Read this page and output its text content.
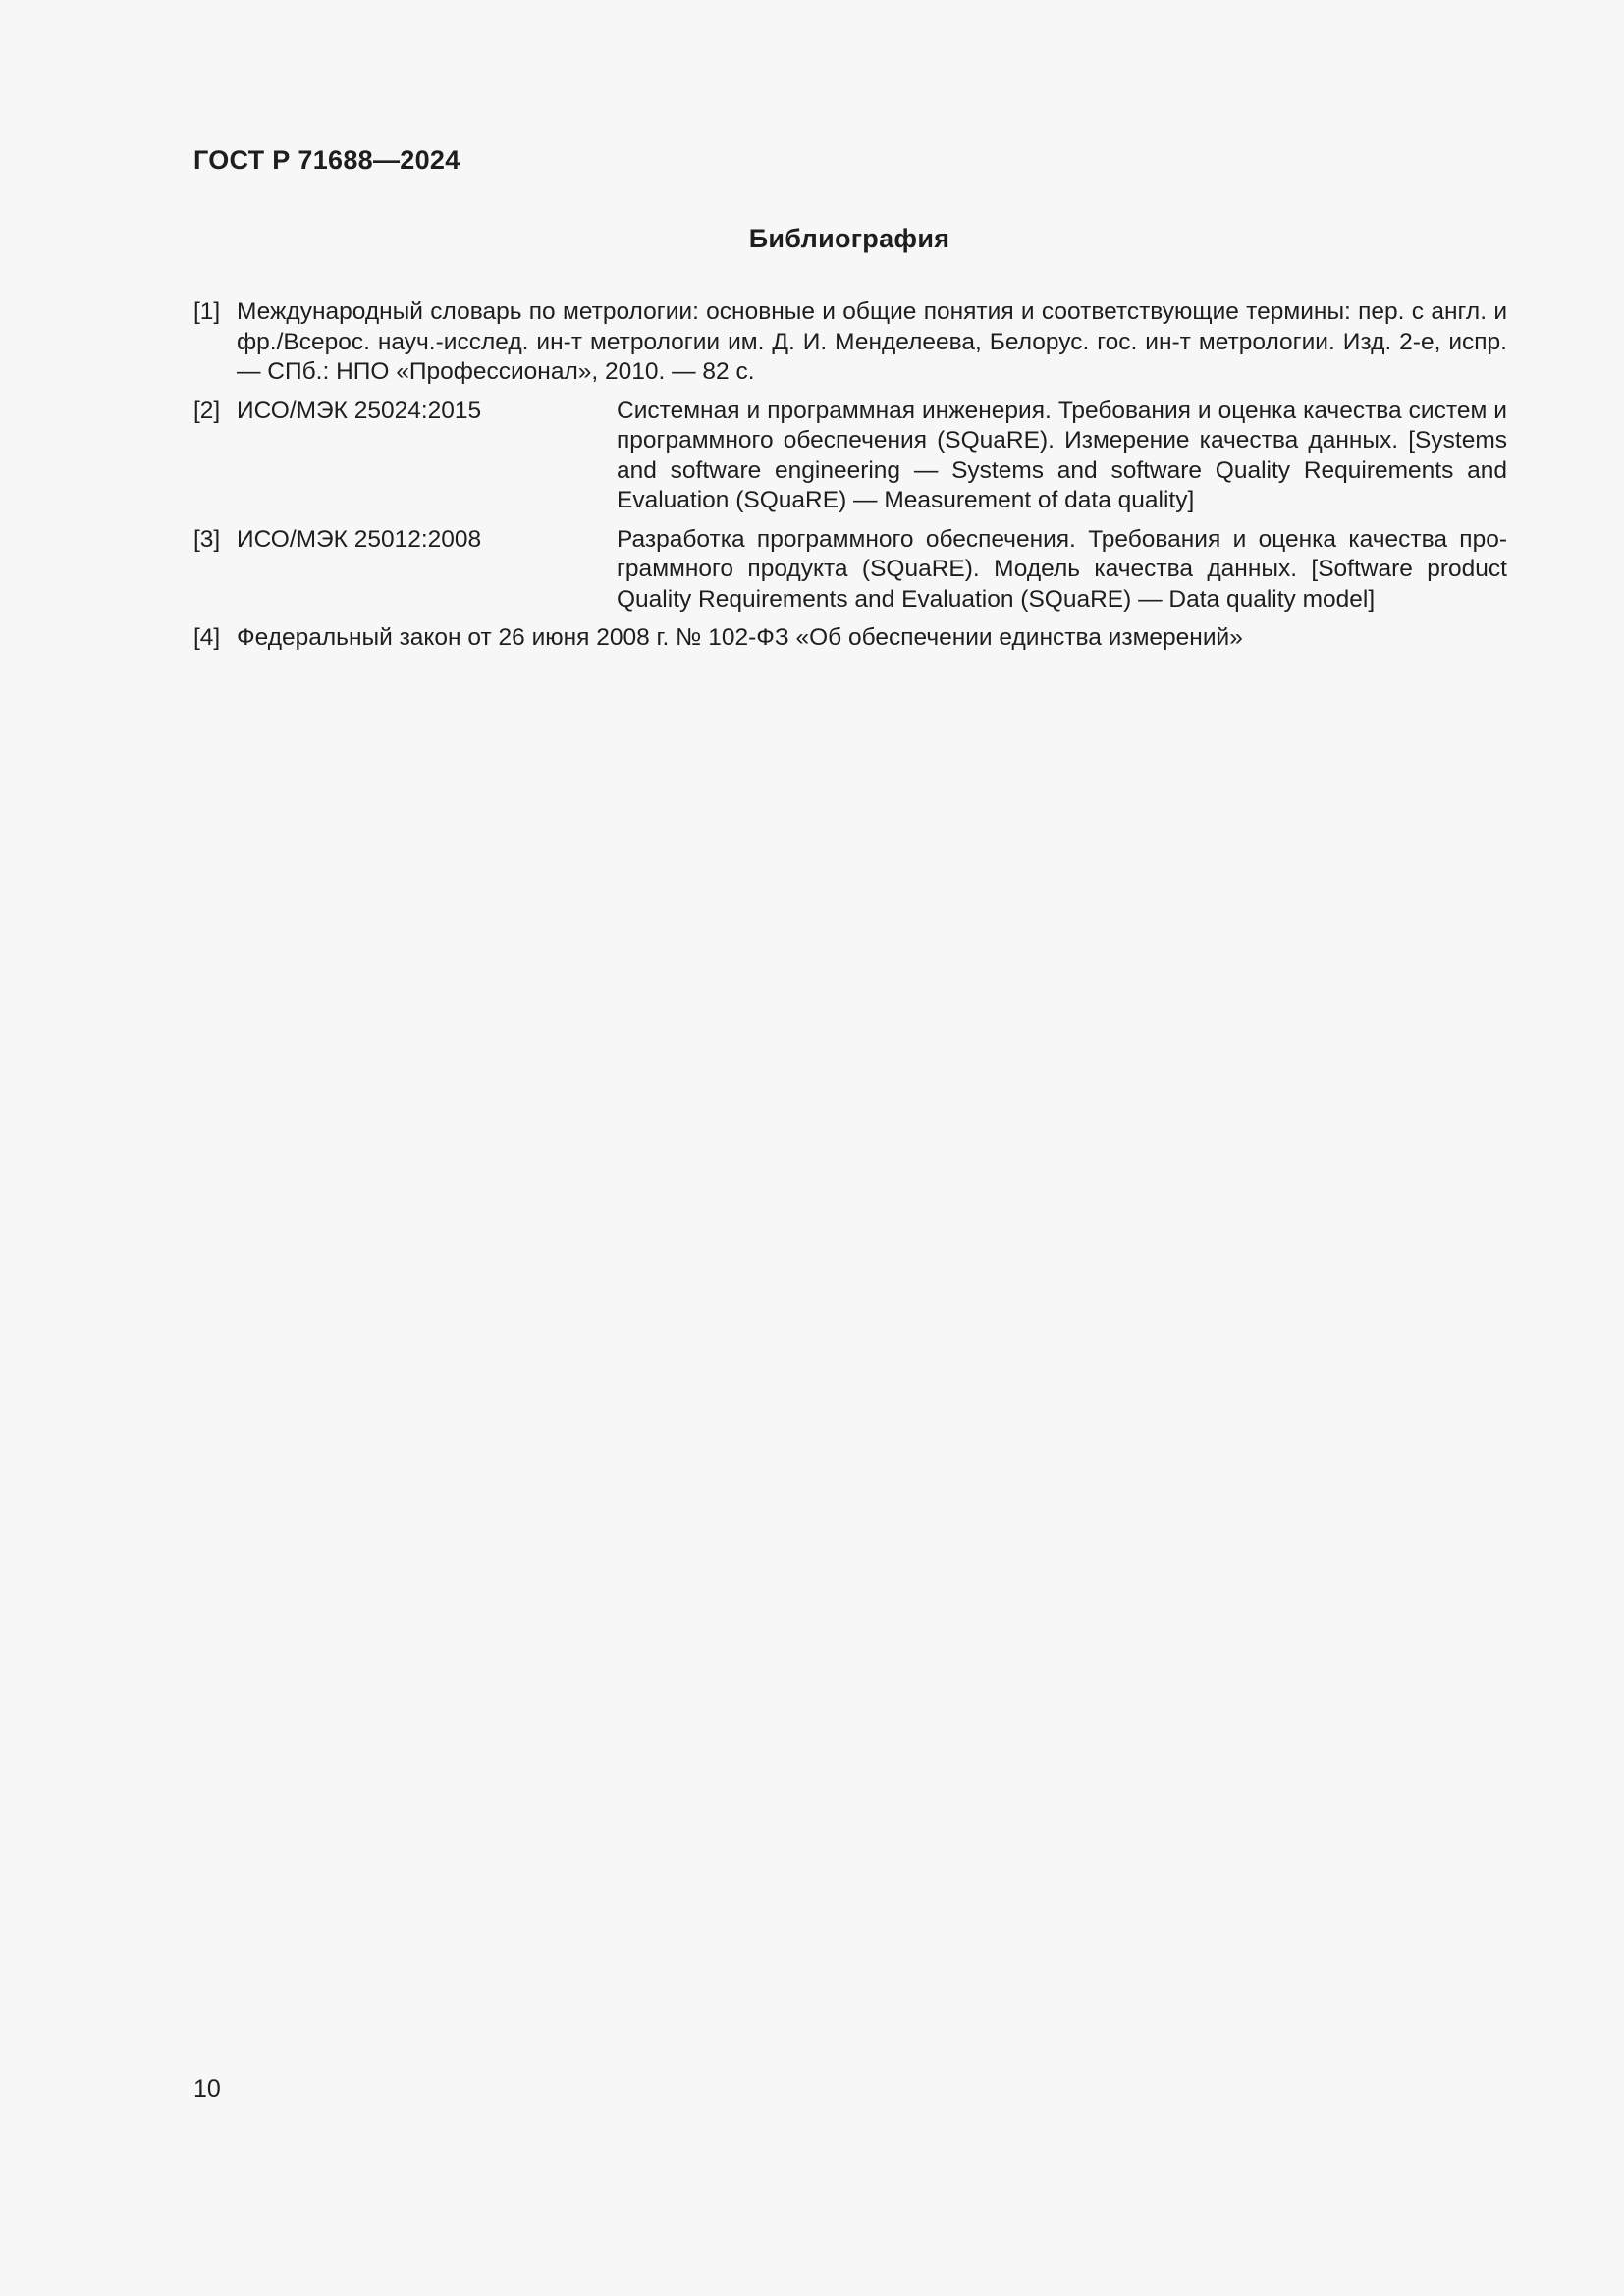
ГОСТ Р 71688—2024
Библиография
[1] Международный словарь по метрологии: основные и общие понятия и соответствующие термины: пер. с англ. и фр./Всерос. науч.-исслед. ин-т метрологии им. Д. И. Менделеева, Белорус. гос. ин-т метрологии. Изд. 2-е, испр. — СПб.: НПО «Профессионал», 2010. — 82 с.
[2] ИСО/МЭК 25024:2015	Системная и программная инженерия. Требования и оценка качества систем и программного обеспечения (SQuaRE). Измерение качества данных. [Systems and software engineering — Systems and software Quality Requirements and Evaluation (SQuaRE) — Measurement of data quality]
[3] ИСО/МЭК 25012:2008	Разработка программного обеспечения. Требования и оценка качества программного продукта (SQuaRE). Модель качества данных. [Software product Quality Requirements and Evaluation (SQuaRE) — Data quality model]
[4] Федеральный закон от 26 июня 2008 г. № 102-ФЗ «Об обеспечении единства измерений»
10
